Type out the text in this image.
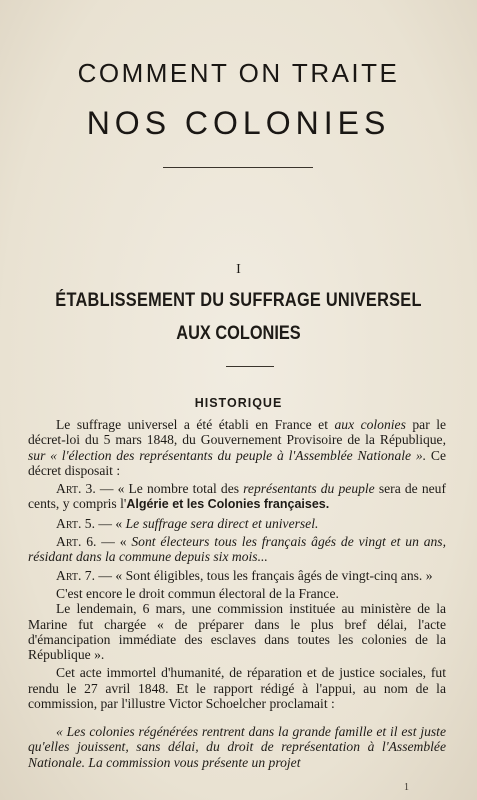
COMMENT ON TRAITE
NOS COLONIES
I
ÉTABLISSEMENT DU SUFFRAGE UNIVERSEL
AUX COLONIES
HISTORIQUE

Le suffrage universel a été établi en France et aux colonies par le décret-loi du 5 mars 1848, du Gouvernement Provisoire de la République, sur « l'élection des représentants du peuple à l'Assemblée Nationale ». Ce décret disposait :

Art. 3. — « Le nombre total des représentants du peuple sera de neuf cents, y compris l'Algérie et les Colonies françaises.

Art. 5. — « Le suffrage sera direct et universel.

Art. 6. — « Sont électeurs tous les français âgés de vingt et un ans, résidant dans la commune depuis six mois...

Art. 7. — « Sont éligibles, tous les français âgés de vingt-cinq ans. »

C'est encore le droit commun électoral de la France.

Le lendemain, 6 mars, une commission instituée au ministère de la Marine fut chargée « de préparer dans le plus bref délai, l'acte d'émancipation immédiate des esclaves dans toutes les colonies de la République ».

Cet acte immortel d'humanité, de réparation et de justice sociales, fut rendu le 27 avril 1848. Et le rapport rédigé à l'appui, au nom de la commission, par l'illustre Victor Schoelcher proclamait :

« Les colonies régénérées rentrent dans la grande famille et il est juste qu'elles jouissent, sans délai, du droit de représentation à l'Assemblée Nationale. La commission vous présente un projet

1
